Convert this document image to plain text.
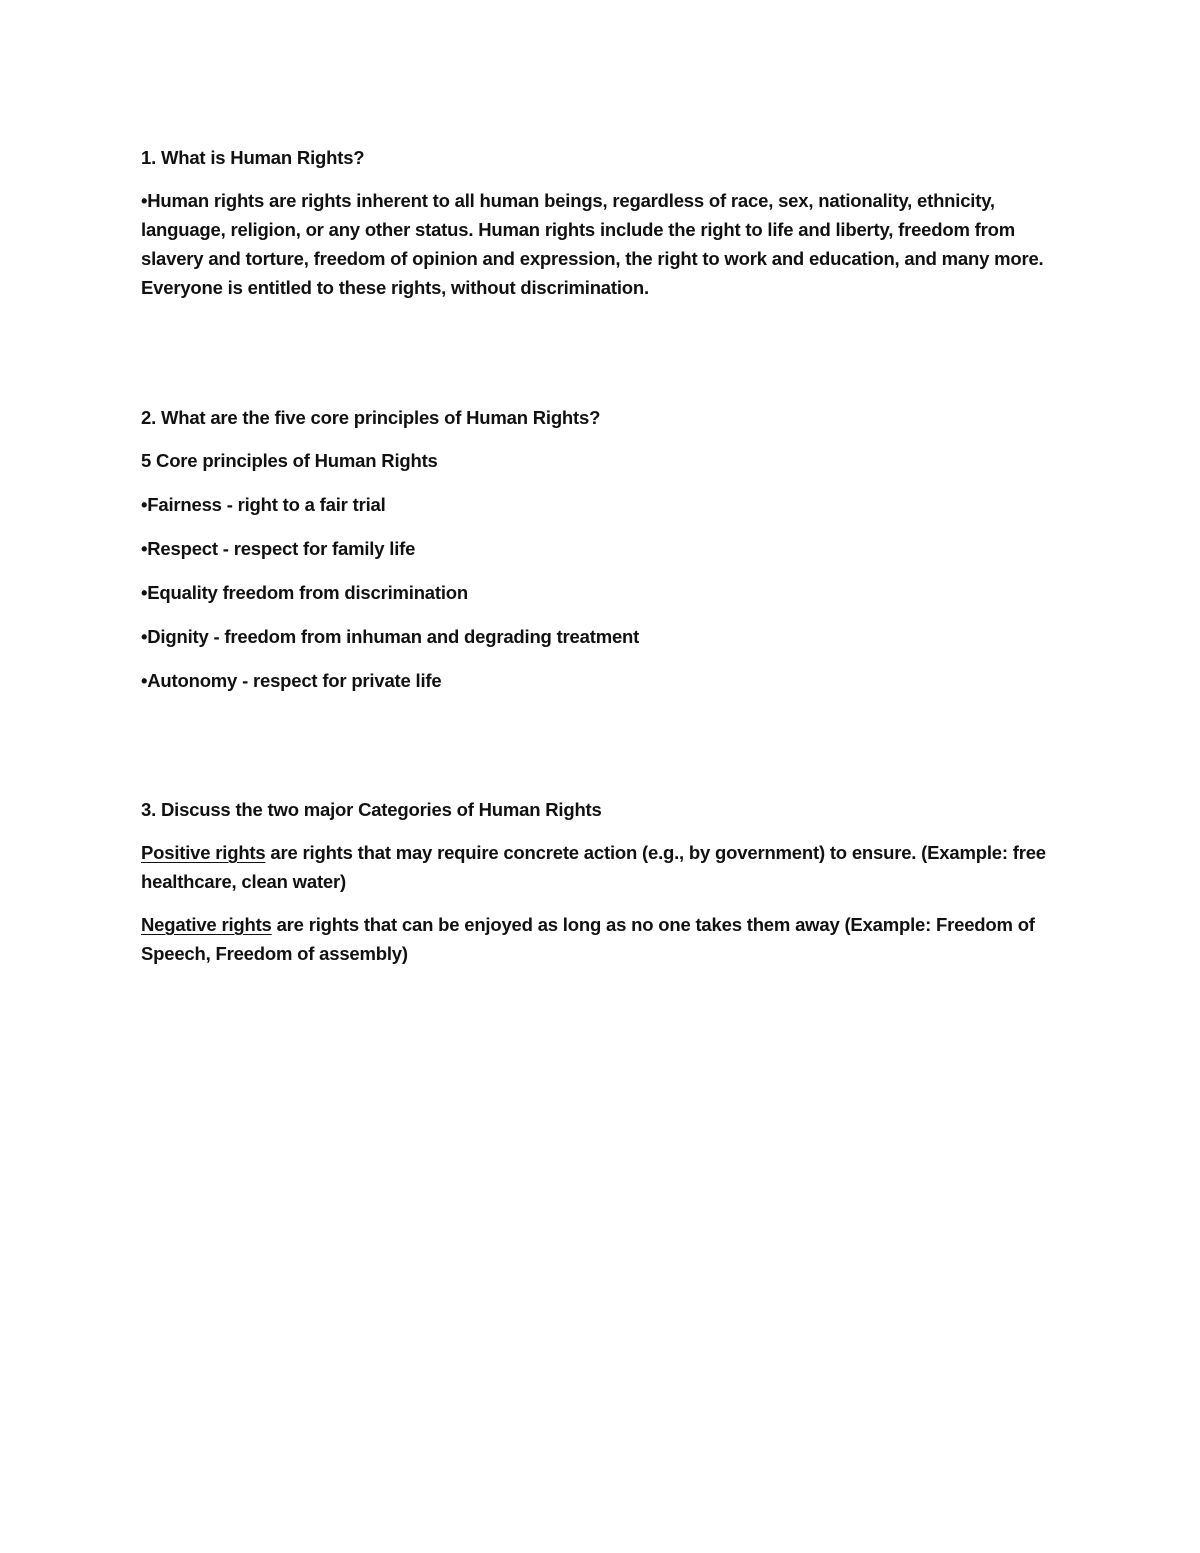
1. What is Human Rights?

•Human rights are rights inherent to all human beings, regardless of race, sex, nationality, ethnicity, language, religion, or any other status. Human rights include the right to life and liberty, freedom from slavery and torture, freedom of opinion and expression, the right to work and education, and many more. Everyone is entitled to these rights, without discrimination.

2. What are the five core principles of Human Rights?

5 Core principles of Human Rights

•Fairness - right to a fair trial

•Respect - respect for family life

•Equality freedom from discrimination

•Dignity - freedom from inhuman and degrading treatment

•Autonomy - respect for private life

3. Discuss the two major Categories of Human Rights

Positive rights are rights that may require concrete action (e.g., by government) to ensure. (Example: free healthcare, clean water)

Negative rights are rights that can be enjoyed as long as no one takes them away (Example: Freedom of Speech, Freedom of assembly)
